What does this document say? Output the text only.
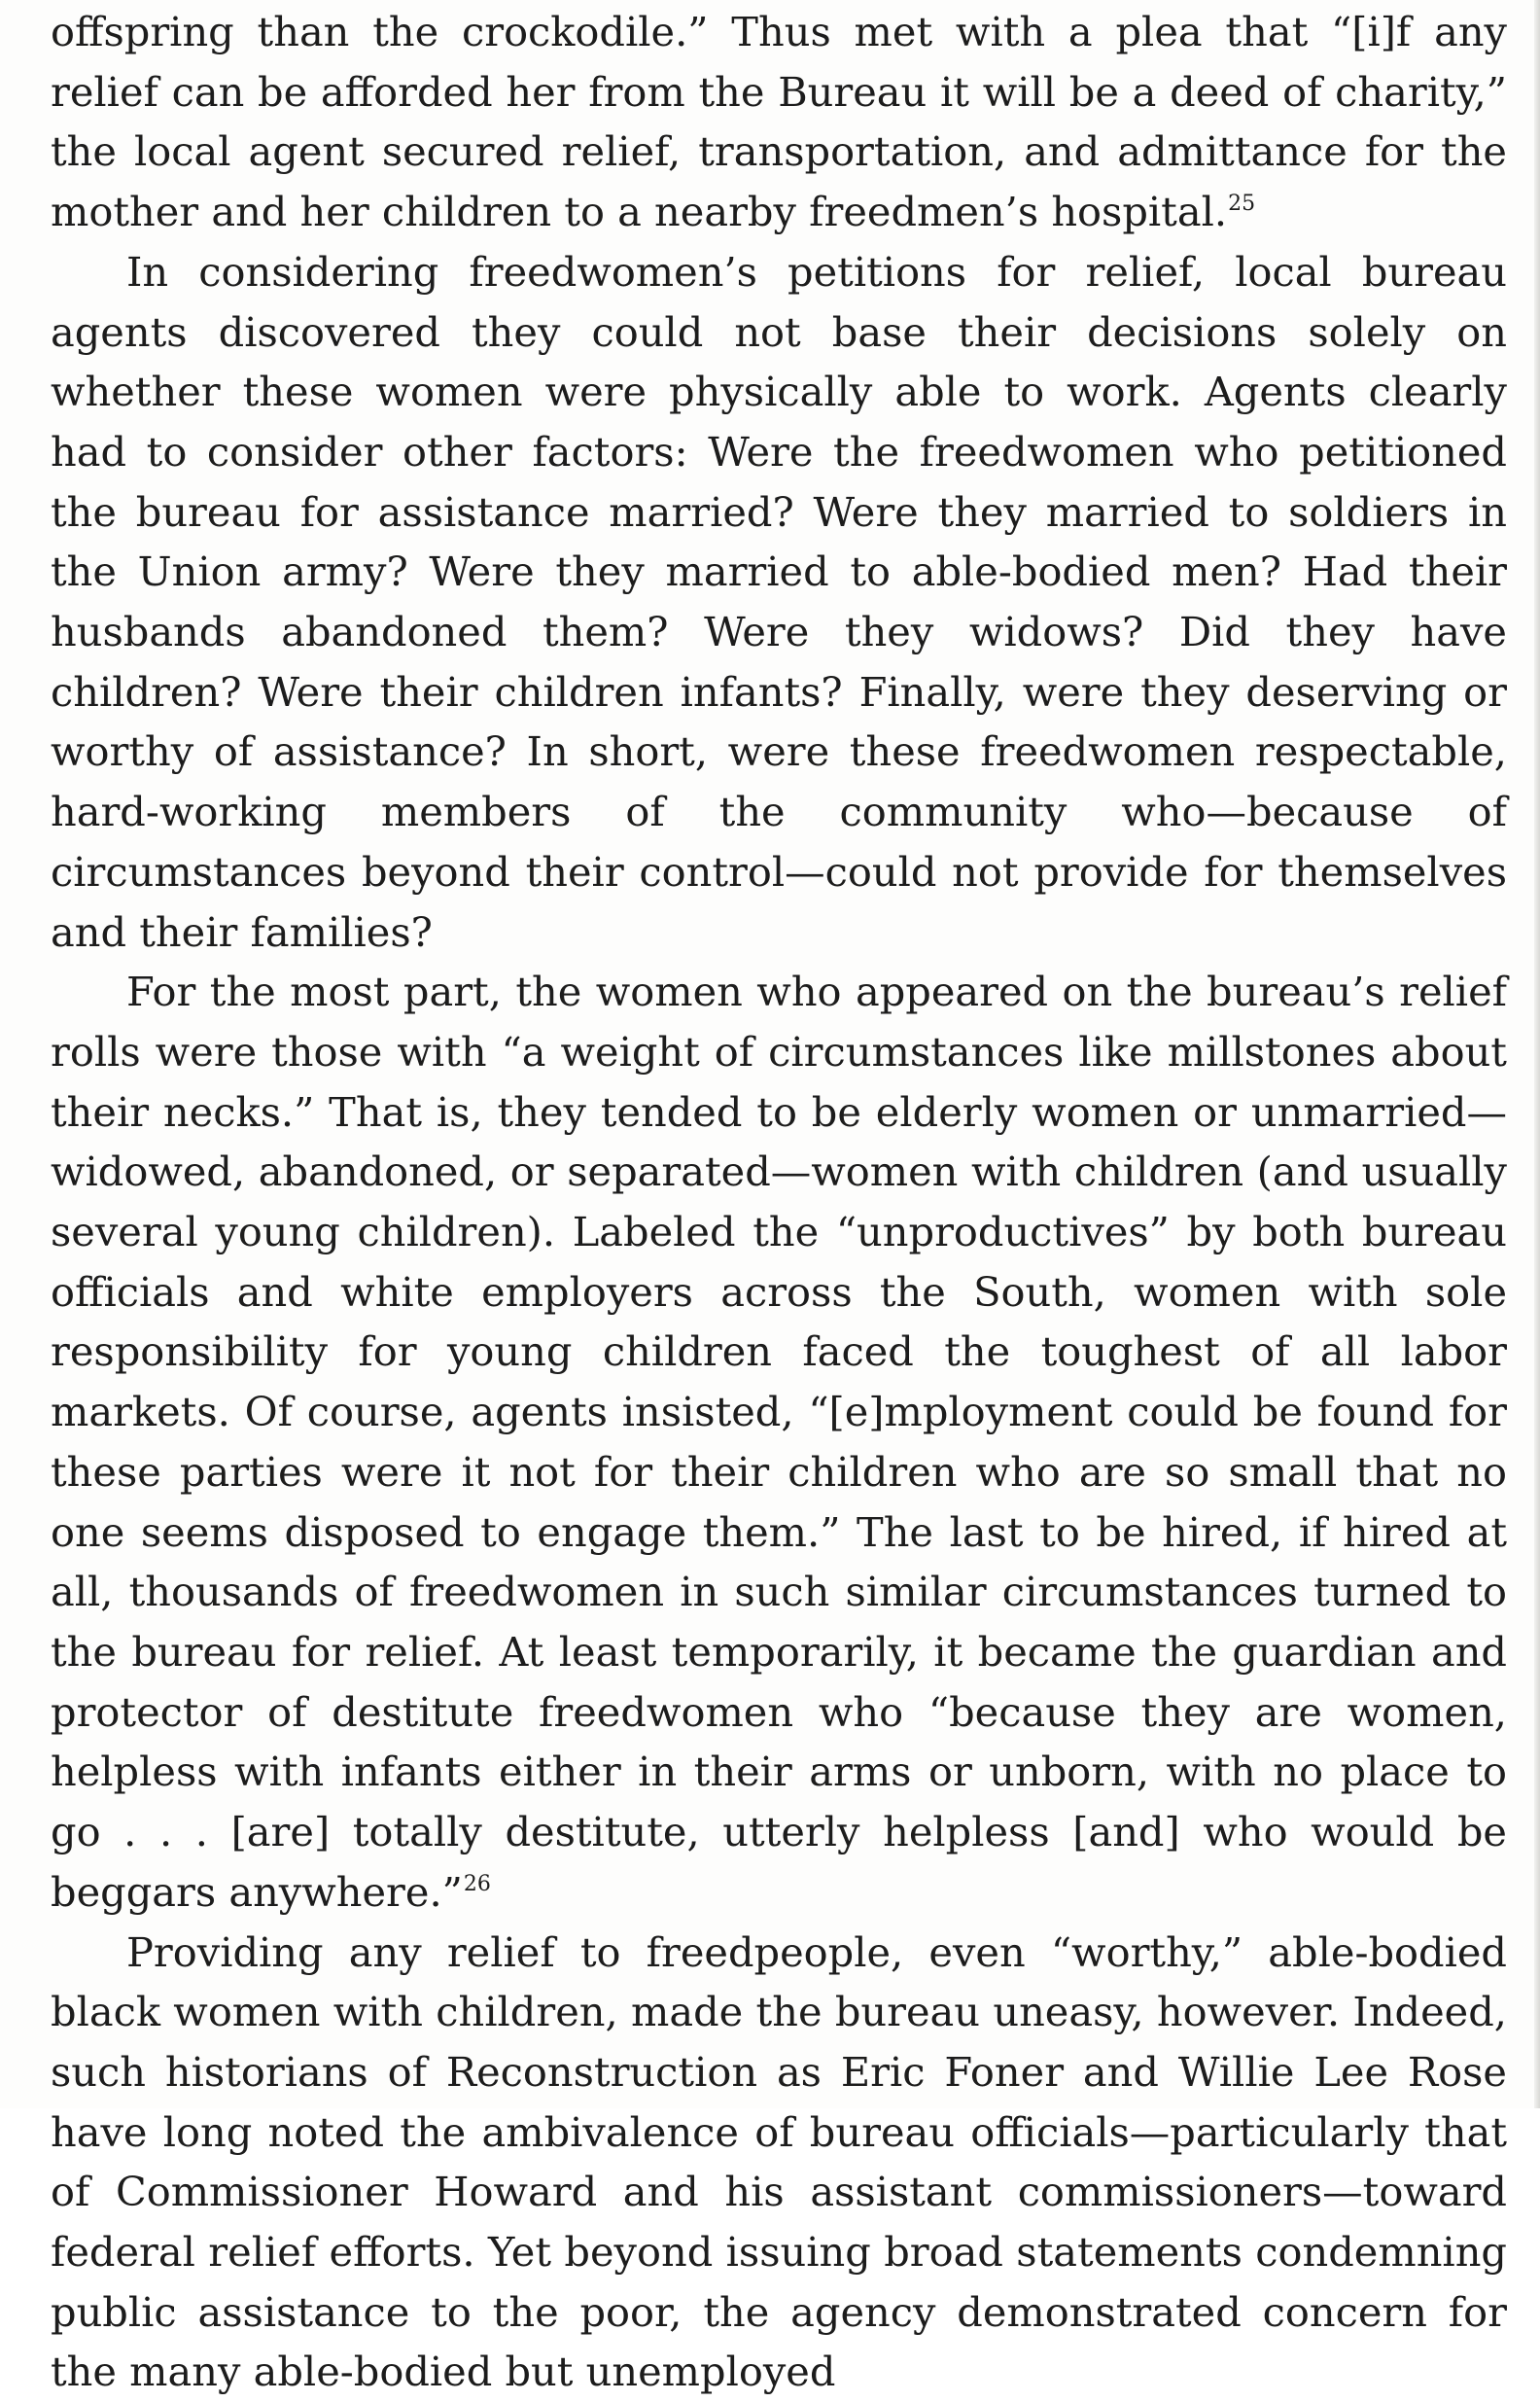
offspring than the crockodile.” Thus met with a plea that “[i]f any relief can be afforded her from the Bureau it will be a deed of charity,” the local agent secured relief, transportation, and admittance for the mother and her children to a nearby freedmen’s hospital.$^{25}$

In considering freedwomen’s petitions for relief, local bureau agents discovered they could not base their decisions solely on whether these women were physically able to work. Agents clearly had to consider other factors: Were the freedwomen who petitioned the bureau for assistance married? Were they married to soldiers in the Union army? Were they married to able-bodied men? Had their husbands abandoned them? Were they widows? Did they have children? Were their children infants? Finally, were they deserving or worthy of assistance? In short, were these freedwomen respectable, hard-working members of the community who—because of circumstances beyond their control—could not provide for themselves and their families?

For the most part, the women who appeared on the bureau’s relief rolls were those with “a weight of circumstances like millstones about their necks.” That is, they tended to be elderly women or unmarried—widowed, abandoned, or separated—women with children (and usually several young children). Labeled the “unproductives” by both bureau officials and white employers across the South, women with sole responsibility for young children faced the toughest of all labor markets. Of course, agents insisted, “[e]mployment could be found for these parties were it not for their children who are so small that no one seems disposed to engage them.” The last to be hired, if hired at all, thousands of freedwomen in such similar circumstances turned to the bureau for relief. At least temporarily, it became the guardian and protector of destitute freedwomen who “because they are women, helpless with infants either in their arms or unborn, with no place to go . . . [are] totally destitute, utterly helpless [and] who would be beggars anywhere.”$^{26}$

Providing any relief to freedpeople, even “worthy,” able-bodied black women with children, made the bureau uneasy, however. Indeed, such historians of Reconstruction as Eric Foner and Willie Lee Rose have long noted the ambivalence of bureau officials—particularly that of Commissioner Howard and his assistant commissioners—toward federal relief efforts. Yet beyond issuing broad statements condemning public assistance to the poor, the agency demonstrated concern for the many able-bodied but unemployed
